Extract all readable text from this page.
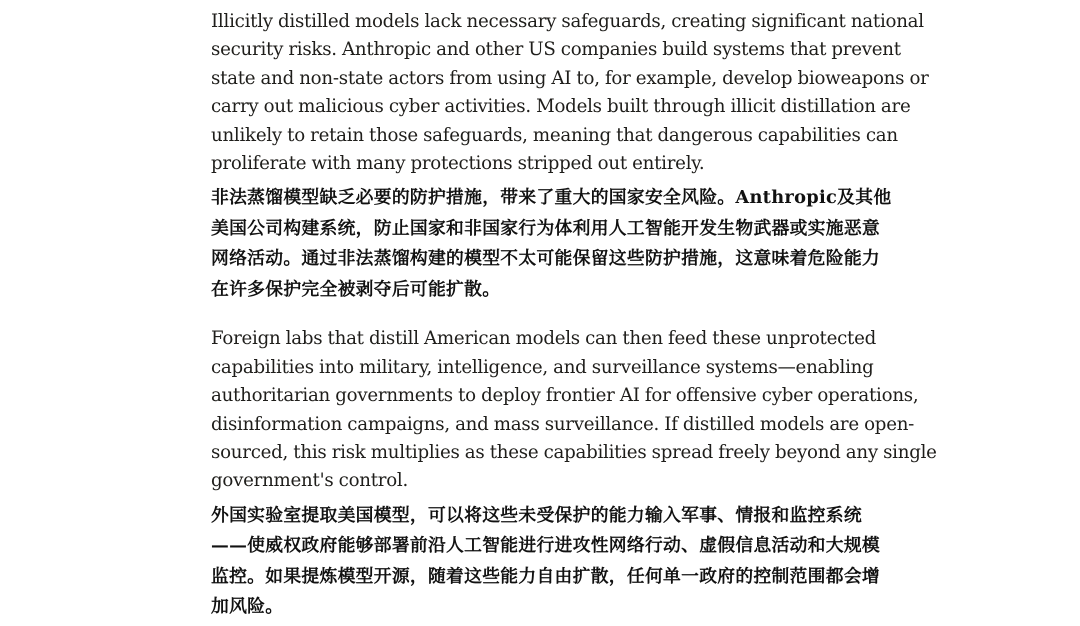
Illicitly distilled models lack necessary safeguards, creating significant national
security risks. Anthropic and other US companies build systems that prevent
state and non-state actors from using AI to, for example, develop bioweapons or
carry out malicious cyber activities. Models built through illicit distillation are
unlikely to retain those safeguards, meaning that dangerous capabilities can
proliferate with many protections stripped out entirely.

非法蒸馏模型缺乏必要的防护措施，带来了重大的国家安全风险。Anthropic及其他
美国公司构建系统，防止国家和非国家行为体利用人工智能开发生物武器或实施恶意
网络活动。通过非法蒸馏构建的模型不太可能保留这些防护措施，这意味着危险能力
在许多保护完全被剥夺后可能扩散。

Foreign labs that distill American models can then feed these unprotected
capabilities into military, intelligence, and surveillance systems—enabling
authoritarian governments to deploy frontier AI for offensive cyber operations,
disinformation campaigns, and mass surveillance. If distilled models are open-
sourced, this risk multiplies as these capabilities spread freely beyond any single
government's control.

外国实验室提取美国模型，可以将这些未受保护的能力输入军事、情报和监控系统
——使威权政府能够部署前沿人工智能进行进攻性网络行动、虚假信息活动和大规模
监控。如果提炼模型开源，随着这些能力自由扩散，任何单一政府的控制范围都会增
加风险。
